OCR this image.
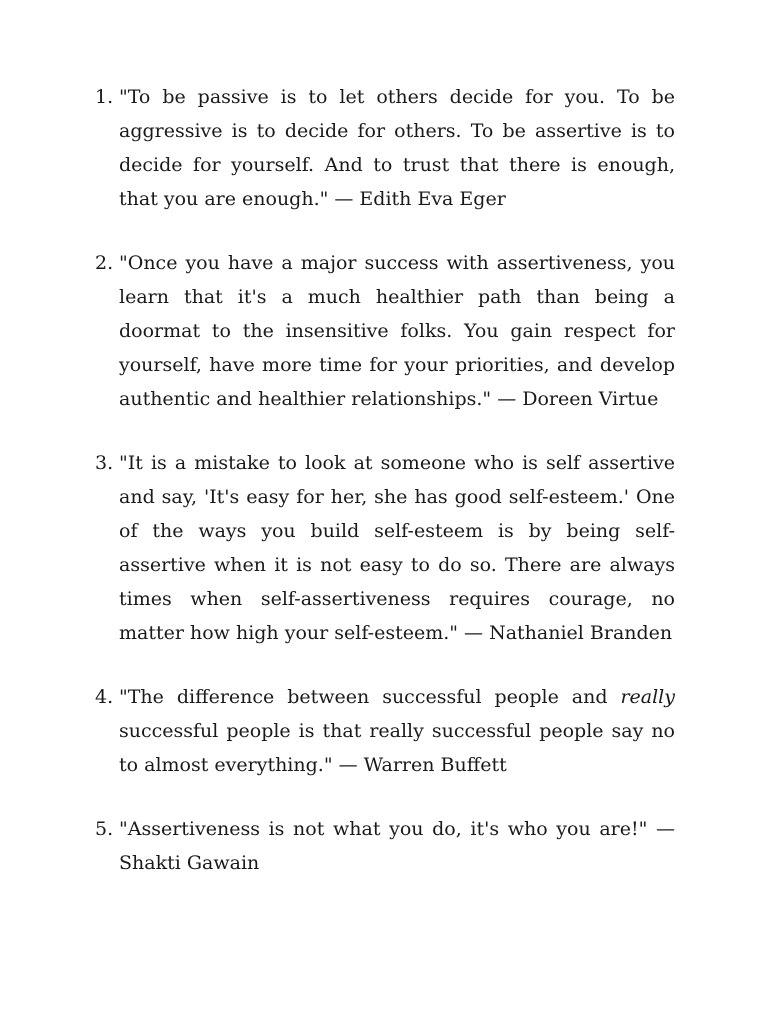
1. "To be passive is to let others decide for you. To be aggressive is to decide for others. To be assertive is to decide for yourself. And to trust that there is enough, that you are enough." — Edith Eva Eger

2. "Once you have a major success with assertiveness, you learn that it's a much healthier path than being a doormat to the insensitive folks. You gain respect for yourself, have more time for your priorities, and develop authentic and healthier relationships." — Doreen Virtue

3. "It is a mistake to look at someone who is self assertive and say, 'It's easy for her, she has good self-esteem.' One of the ways you build self-esteem is by being self-assertive when it is not easy to do so. There are always times when self-assertiveness requires courage, no matter how high your self-esteem." — Nathaniel Branden

4. "The difference between successful people and really successful people is that really successful people say no to almost everything." — Warren Buffett

5. "Assertiveness is not what you do, it's who you are!" — Shakti Gawain
